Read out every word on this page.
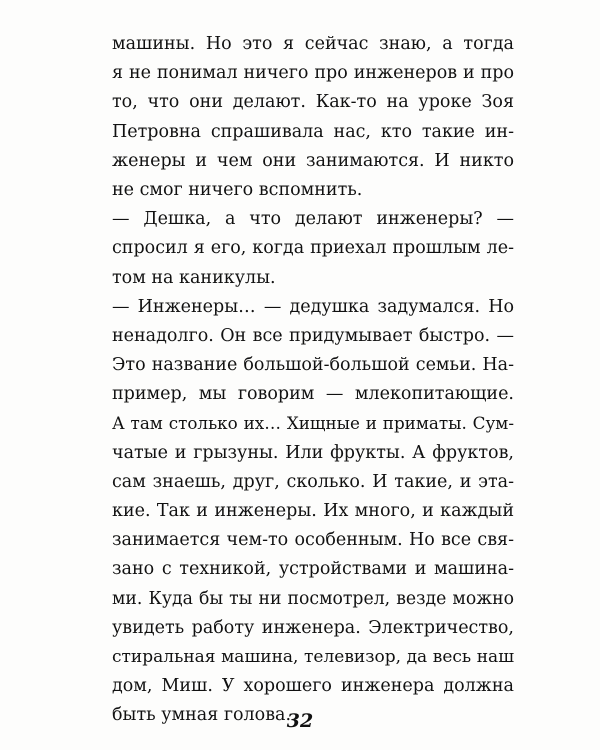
машины. Но это я сейчас знаю, а тогда
я не понимал ничего про инженеров и про
то, что они делают. Как-то на уроке Зоя
Петровна спрашивала нас, кто такие ин-
женеры и чем они занимаются. И никто
не смог ничего вспомнить.
— Дешка, а что делают инженеры? —
спросил я его, когда приехал прошлым ле-
том на каникулы.
— Инженеры… — дедушка задумался. Но
ненадолго. Он все придумывает быстро. —
Это название большой-большой семьи. На-
пример, мы говорим — млекопитающие.
А там столько их… Хищные и приматы. Сум-
чатые и грызуны. Или фрукты. А фруктов,
сам знаешь, друг, сколько. И такие, и эта-
кие. Так и инженеры. Их много, и каждый
занимается чем-то особенным. Но все свя-
зано с техникой, устройствами и машина-
ми. Куда бы ты ни посмотрел, везде можно
увидеть работу инженера. Электричество,
стиральная машина, телевизор, да весь наш
дом, Миш. У хорошего инженера должна
быть умная голова.
32
